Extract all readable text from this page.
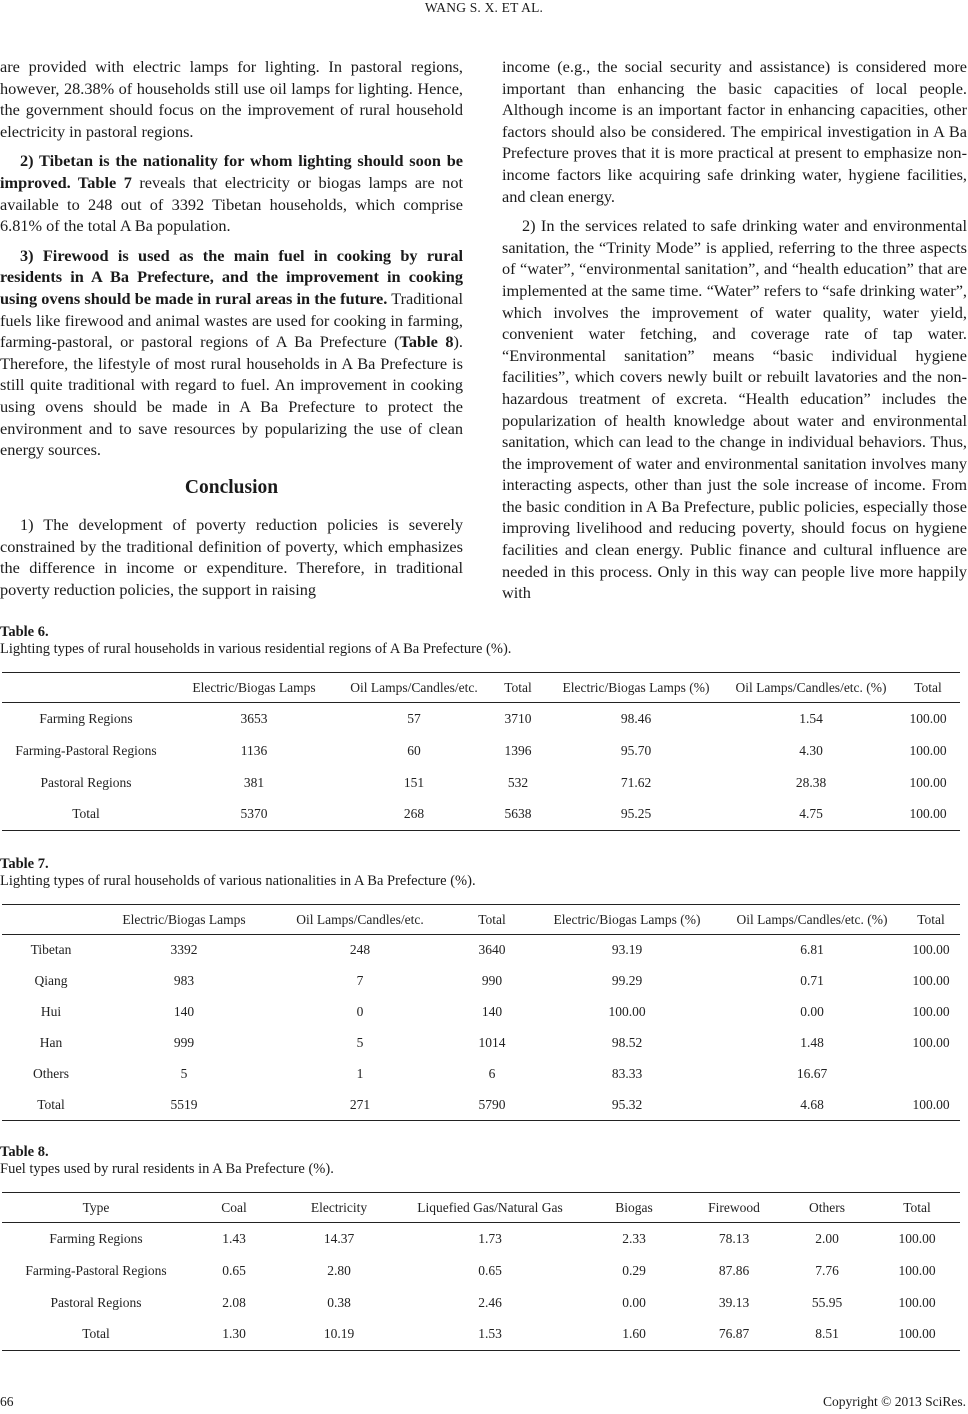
WANG S. X. ET AL.

are provided with electric lamps for lighting. In pastoral regions, however, 28.38% of households still use oil lamps for lighting. Hence, the government should focus on the improvement of rural household electricity in pastoral regions.

2) Tibetan is the nationality for whom lighting should soon be improved. Table 7 reveals that electricity or biogas lamps are not available to 248 out of 3392 Tibetan households, which comprise 6.81% of the total A Ba population.

3) Firewood is used as the main fuel in cooking by rural residents in A Ba Prefecture, and the improvement in cooking using ovens should be made in rural areas in the future. Traditional fuels like firewood and animal wastes are used for cooking in farming, farming-pastoral, or pastoral regions of A Ba Prefecture (Table 8). Therefore, the lifestyle of most rural households in A Ba Prefecture is still quite traditional with regard to fuel. An improvement in cooking using ovens should be made in A Ba Prefecture to protect the environment and to save resources by popularizing the use of clean energy sources.

Conclusion

1) The development of poverty reduction policies is severely constrained by the traditional definition of poverty, which emphasizes the difference in income or expenditure. Therefore, in traditional poverty reduction policies, the support in raising

income (e.g., the social security and assistance) is considered more important than enhancing the basic capacities of local people. Although income is an important factor in enhancing capacities, other factors should also be considered. The empirical investigation in A Ba Prefecture proves that it is more practical at present to emphasize non-income factors like acquiring safe drinking water, hygiene facilities, and clean energy.

2) In the services related to safe drinking water and environmental sanitation, the “Trinity Mode” is applied, referring to the three aspects of “water”, “environmental sanitation”, and “health education” that are implemented at the same time. “Water” refers to “safe drinking water”, which involves the improvement of water quality, water yield, convenient water fetching, and coverage rate of tap water. “Environmental sanitation” means “basic individual hygiene facilities”, which covers newly built or rebuilt lavatories and the non-hazardous treatment of excreta. “Health education” includes the popularization of health knowledge about water and environmental sanitation, which can lead to the change in individual behaviors. Thus, the improvement of water and environmental sanitation involves many interacting aspects, other than just the sole increase of income. From the basic condition in A Ba Prefecture, public policies, especially those improving livelihood and reducing poverty, should focus on hygiene facilities and clean energy. Public finance and cultural influence are needed in this process. Only in this way can people live more happily with

Table 6.
Lighting types of rural households in various residential regions of A Ba Prefecture (%).
	Electric/Biogas Lamps	Oil Lamps/Candles/etc.	Total	Electric/Biogas Lamps (%)	Oil Lamps/Candles/etc. (%)	Total
Farming Regions	3653	57	3710	98.46	1.54	100.00
Farming-Pastoral Regions	1136	60	1396	95.70	4.30	100.00
Pastoral Regions	381	151	532	71.62	28.38	100.00
Total	5370	268	5638	95.25	4.75	100.00
Table 7.
Lighting types of rural households of various nationalities in A Ba Prefecture (%).
	Electric/Biogas Lamps	Oil Lamps/Candles/etc.	Total	Electric/Biogas Lamps (%)	Oil Lamps/Candles/etc. (%)	Total
Tibetan	3392	248	3640	93.19	6.81	100.00
Qiang	983	7	990	99.29	0.71	100.00
Hui	140	0	140	100.00	0.00	100.00
Han	999	5	1014	98.52	1.48	100.00
Others	5	1	6	83.33	16.67	
Total	5519	271	5790	95.32	4.68	100.00
Table 8.
Fuel types used by rural residents in A Ba Prefecture (%).
Type	Coal	Electricity	Liquefied Gas/Natural Gas	Biogas	Firewood	Others	Total
Farming Regions	1.43	14.37	1.73	2.33	78.13	2.00	100.00
Farming-Pastoral Regions	0.65	2.80	0.65	0.29	87.86	7.76	100.00
Pastoral Regions	2.08	0.38	2.46	0.00	39.13	55.95	100.00
Total	1.30	10.19	1.53	1.60	76.87	8.51	100.00
66	Copyright © 2013 SciRes.
